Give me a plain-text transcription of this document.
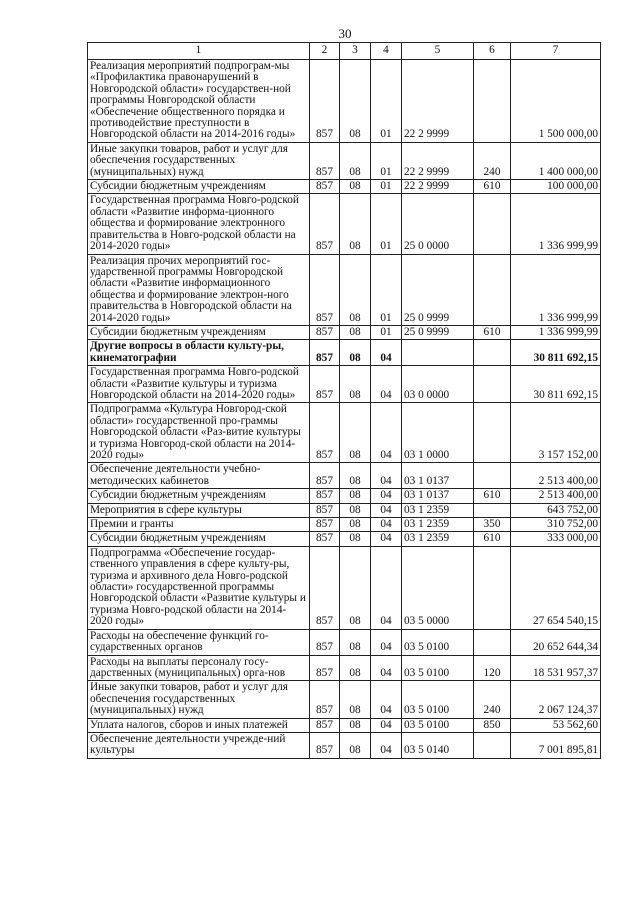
30
1	2	3	4	5	6	7
Реализация мероприятий подпрограм-мы «Профилактика правонарушений в Новгородской области» государствен-ной программы Новгородской области «Обеспечение общественного порядка и противодействие преступности в Новгородской области на 2014-2016 годы»	857	08	01	22 2 9999		1 500 000,00
Иные закупки товаров, работ и услуг для обеспечения государственных (муниципальных) нужд	857	08	01	22 2 9999	240	1 400 000,00
Субсидии бюджетным учреждениям	857	08	01	22 2 9999	610	100 000,00
Государственная программа Новго-родской области «Развитие информа-ционного общества и формирование электронного правительства в Новго-родской области на 2014-2020 годы»	857	08	01	25 0 0000		1 336 999,99
Реализация прочих мероприятий гос-ударственной программы Новгородской области «Развитие информационного общества и формирование электрон-ного правительства в Новгородской области на 2014-2020 годы»	857	08	01	25 0 9999		1 336 999,99
Субсидии бюджетным учреждениям	857	08	01	25 0 9999	610	1 336 999,99
Другие вопросы в области культу-ры, кинематографии	857	08	04			30 811 692,15
Государственная программа Новго-родской области «Развитие культуры и туризма Новгородской области на 2014-2020 годы»	857	08	04	03 0 0000		30 811 692,15
Подпрограмма «Культура Новгород-ской области» государственной про-граммы Новгородской области «Раз-витие культуры и туризма Новгород-ской области на 2014-2020 годы»	857	08	04	03 1 0000		3 157 152,00
Обеспечение деятельности учебно-методических кабинетов	857	08	04	03 1 0137		2 513 400,00
Субсидии бюджетным учреждениям	857	08	04	03 1 0137	610	2 513 400,00
Мероприятия в сфере культуры	857	08	04	03 1 2359		643 752,00
Премии и гранты	857	08	04	03 1 2359	350	310 752,00
Субсидии бюджетным учреждениям	857	08	04	03 1 2359	610	333 000,00
Подпрограмма «Обеспечение государ-ственного управления в сфере культу-ры, туризма и архивного дела Новго-родской области» государственной программы Новгородской области «Развитие культуры и туризма Новго-родской области на 2014-2020 годы»	857	08	04	03 5 0000		27 654 540,15
Расходы на обеспечение функций го-сударственных органов	857	08	04	03 5 0100		20 652 644,34
Расходы на выплаты персоналу госу-дарственных (муниципальных) орга-нов	857	08	04	03 5 0100	120	18 531 957,37
Иные закупки товаров, работ и услуг для обеспечения государственных (муниципальных) нужд	857	08	04	03 5 0100	240	2 067 124,37
Уплата налогов, сборов и иных платежей	857	08	04	03 5 0100	850	53 562,60
Обеспечение деятельности учрежде-ний культуры	857	08	04	03 5 0140		7 001 895,81
